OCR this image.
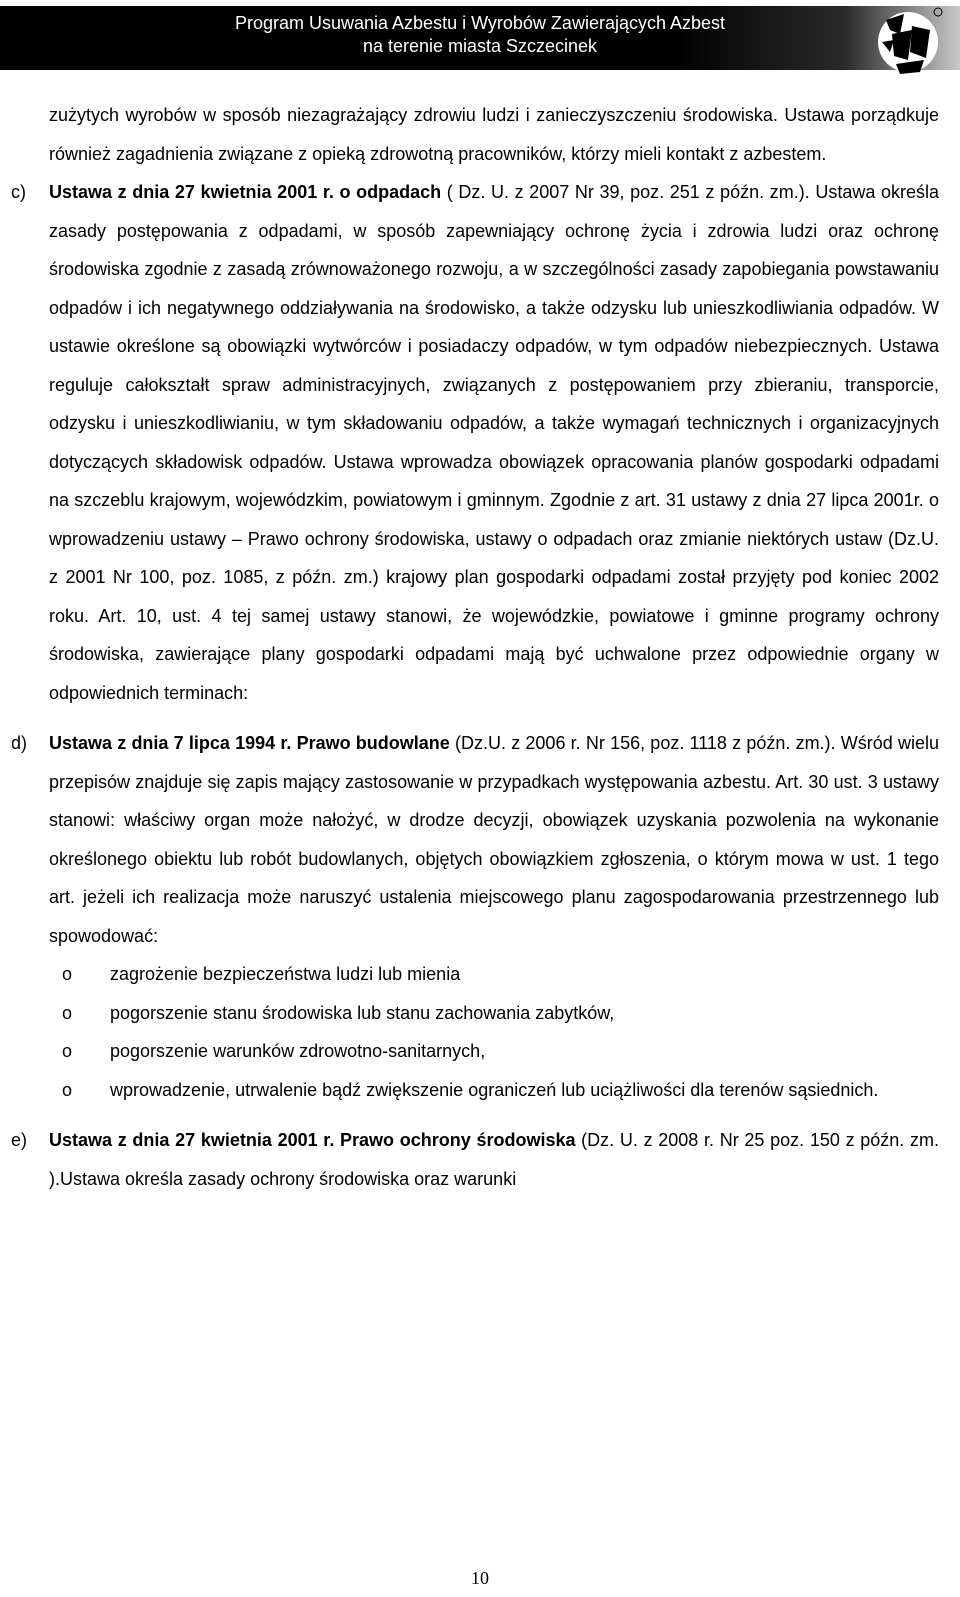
Program Usuwania Azbestu i Wyrobów Zawierających Azbest
na terenie miasta Szczecinek

zużytych wyrobów w sposób niezagrażający zdrowiu ludzi i zanieczyszczeniu środowiska. Ustawa porządkuje również zagadnienia związane z opieką zdrowotną pracowników, którzy mieli kontakt z azbestem.

c) Ustawa z dnia 27 kwietnia 2001 r. o odpadach ( Dz. U. z 2007 Nr 39, poz. 251 z późn. zm.). Ustawa określa zasady postępowania z odpadami, w sposób zapewniający ochronę życia i zdrowia ludzi oraz ochronę środowiska zgodnie z zasadą zrównoważonego rozwoju, a w szczególności zasady zapobiegania powstawaniu odpadów i ich negatywnego oddziaływania na środowisko, a także odzysku lub unieszkodliwiania odpadów. W ustawie określone są obowiązki wytwórców i posiadaczy odpadów, w tym odpadów niebezpiecznych. Ustawa reguluje całokształt spraw administracyjnych, związanych z postępowaniem przy zbieraniu, transporcie, odzysku i unieszkodliwianiu, w tym składowaniu odpadów, a także wymagań technicznych i organizacyjnych dotyczących składowisk odpadów. Ustawa wprowadza obowiązek opracowania planów gospodarki odpadami na szczeblu krajowym, wojewódzkim, powiatowym i gminnym. Zgodnie z art. 31 ustawy z dnia 27 lipca 2001r. o wprowadzeniu ustawy – Prawo ochrony środowiska, ustawy o odpadach oraz zmianie niektórych ustaw (Dz.U. z 2001 Nr 100, poz. 1085, z późn. zm.) krajowy plan gospodarki odpadami został przyjęty pod koniec 2002 roku. Art. 10, ust. 4 tej samej ustawy stanowi, że wojewódzkie, powiatowe i gminne programy ochrony środowiska, zawierające plany gospodarki odpadami mają być uchwalone przez odpowiednie organy w odpowiednich terminach:

d) Ustawa z dnia 7 lipca 1994 r. Prawo budowlane (Dz.U. z 2006 r. Nr 156, poz. 1118 z późn. zm.). Wśród wielu przepisów znajduje się zapis mający zastosowanie w przypadkach występowania azbestu. Art. 30 ust. 3 ustawy stanowi: właściwy organ może nałożyć, w drodze decyzji, obowiązek uzyskania pozwolenia na wykonanie określonego obiektu lub robót budowlanych, objętych obowiązkiem zgłoszenia, o którym mowa w ust. 1 tego art. jeżeli ich realizacja może naruszyć ustalenia miejscowego planu zagospodarowania przestrzennego lub spowodować:

o zagrożenie bezpieczeństwa ludzi lub mienia
o pogorszenie stanu środowiska lub stanu zachowania zabytków,
o pogorszenie warunków zdrowotno-sanitarnych,
o wprowadzenie, utrwalenie bądź zwiększenie ograniczeń lub uciążliwości dla terenów sąsiednich.
e) Ustawa z dnia 27 kwietnia 2001 r. Prawo ochrony środowiska (Dz. U. z 2008 r. Nr 25 poz. 150 z późn. zm. ).Ustawa określa zasady ochrony środowiska oraz warunki

10
